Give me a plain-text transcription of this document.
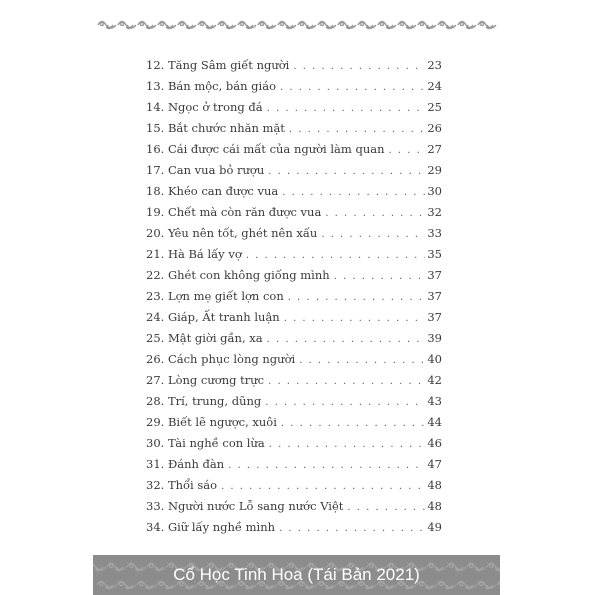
12. Tăng Sâm giết người . . .	23
13. Bán mộc, bán giáo . . .	24
14. Ngọc ở trong đá . . .	25
15. Bắt chước nhăn mặt . . .	26
16. Cái được cái mất của người làm quan . . .	27
17. Can vua bỏ rượu . . .	29
18. Khéo can được vua . . .	30
19. Chết mà còn răn được vua . . .	32
20. Yêu nên tốt, ghét nên xấu . . .	33
21. Hà Bá lấy vợ . . .	35
22. Ghét con không giống mình . . .	37
23. Lợn mẹ giết lợn con . . .	37
24. Giáp, Ất tranh luận . . .	37
25. Mật giời gần, xa . . .	39
26. Cách phục lòng người . . .	40
27. Lòng cương trực . . .	42
28. Trí, trung, dũng . . .	43
29. Biết lẽ ngược, xuôi . . .	44
30. Tài nghề con lừa . . .	46
31. Đánh đàn . . .	47
32. Thổi sáo . . .	48
33. Người nước Lỗ sang nước Việt . . .	48
34. Giữ lấy nghề mình . . .	49
Cổ Học Tinh Hoa (Tái Bản 2021)
